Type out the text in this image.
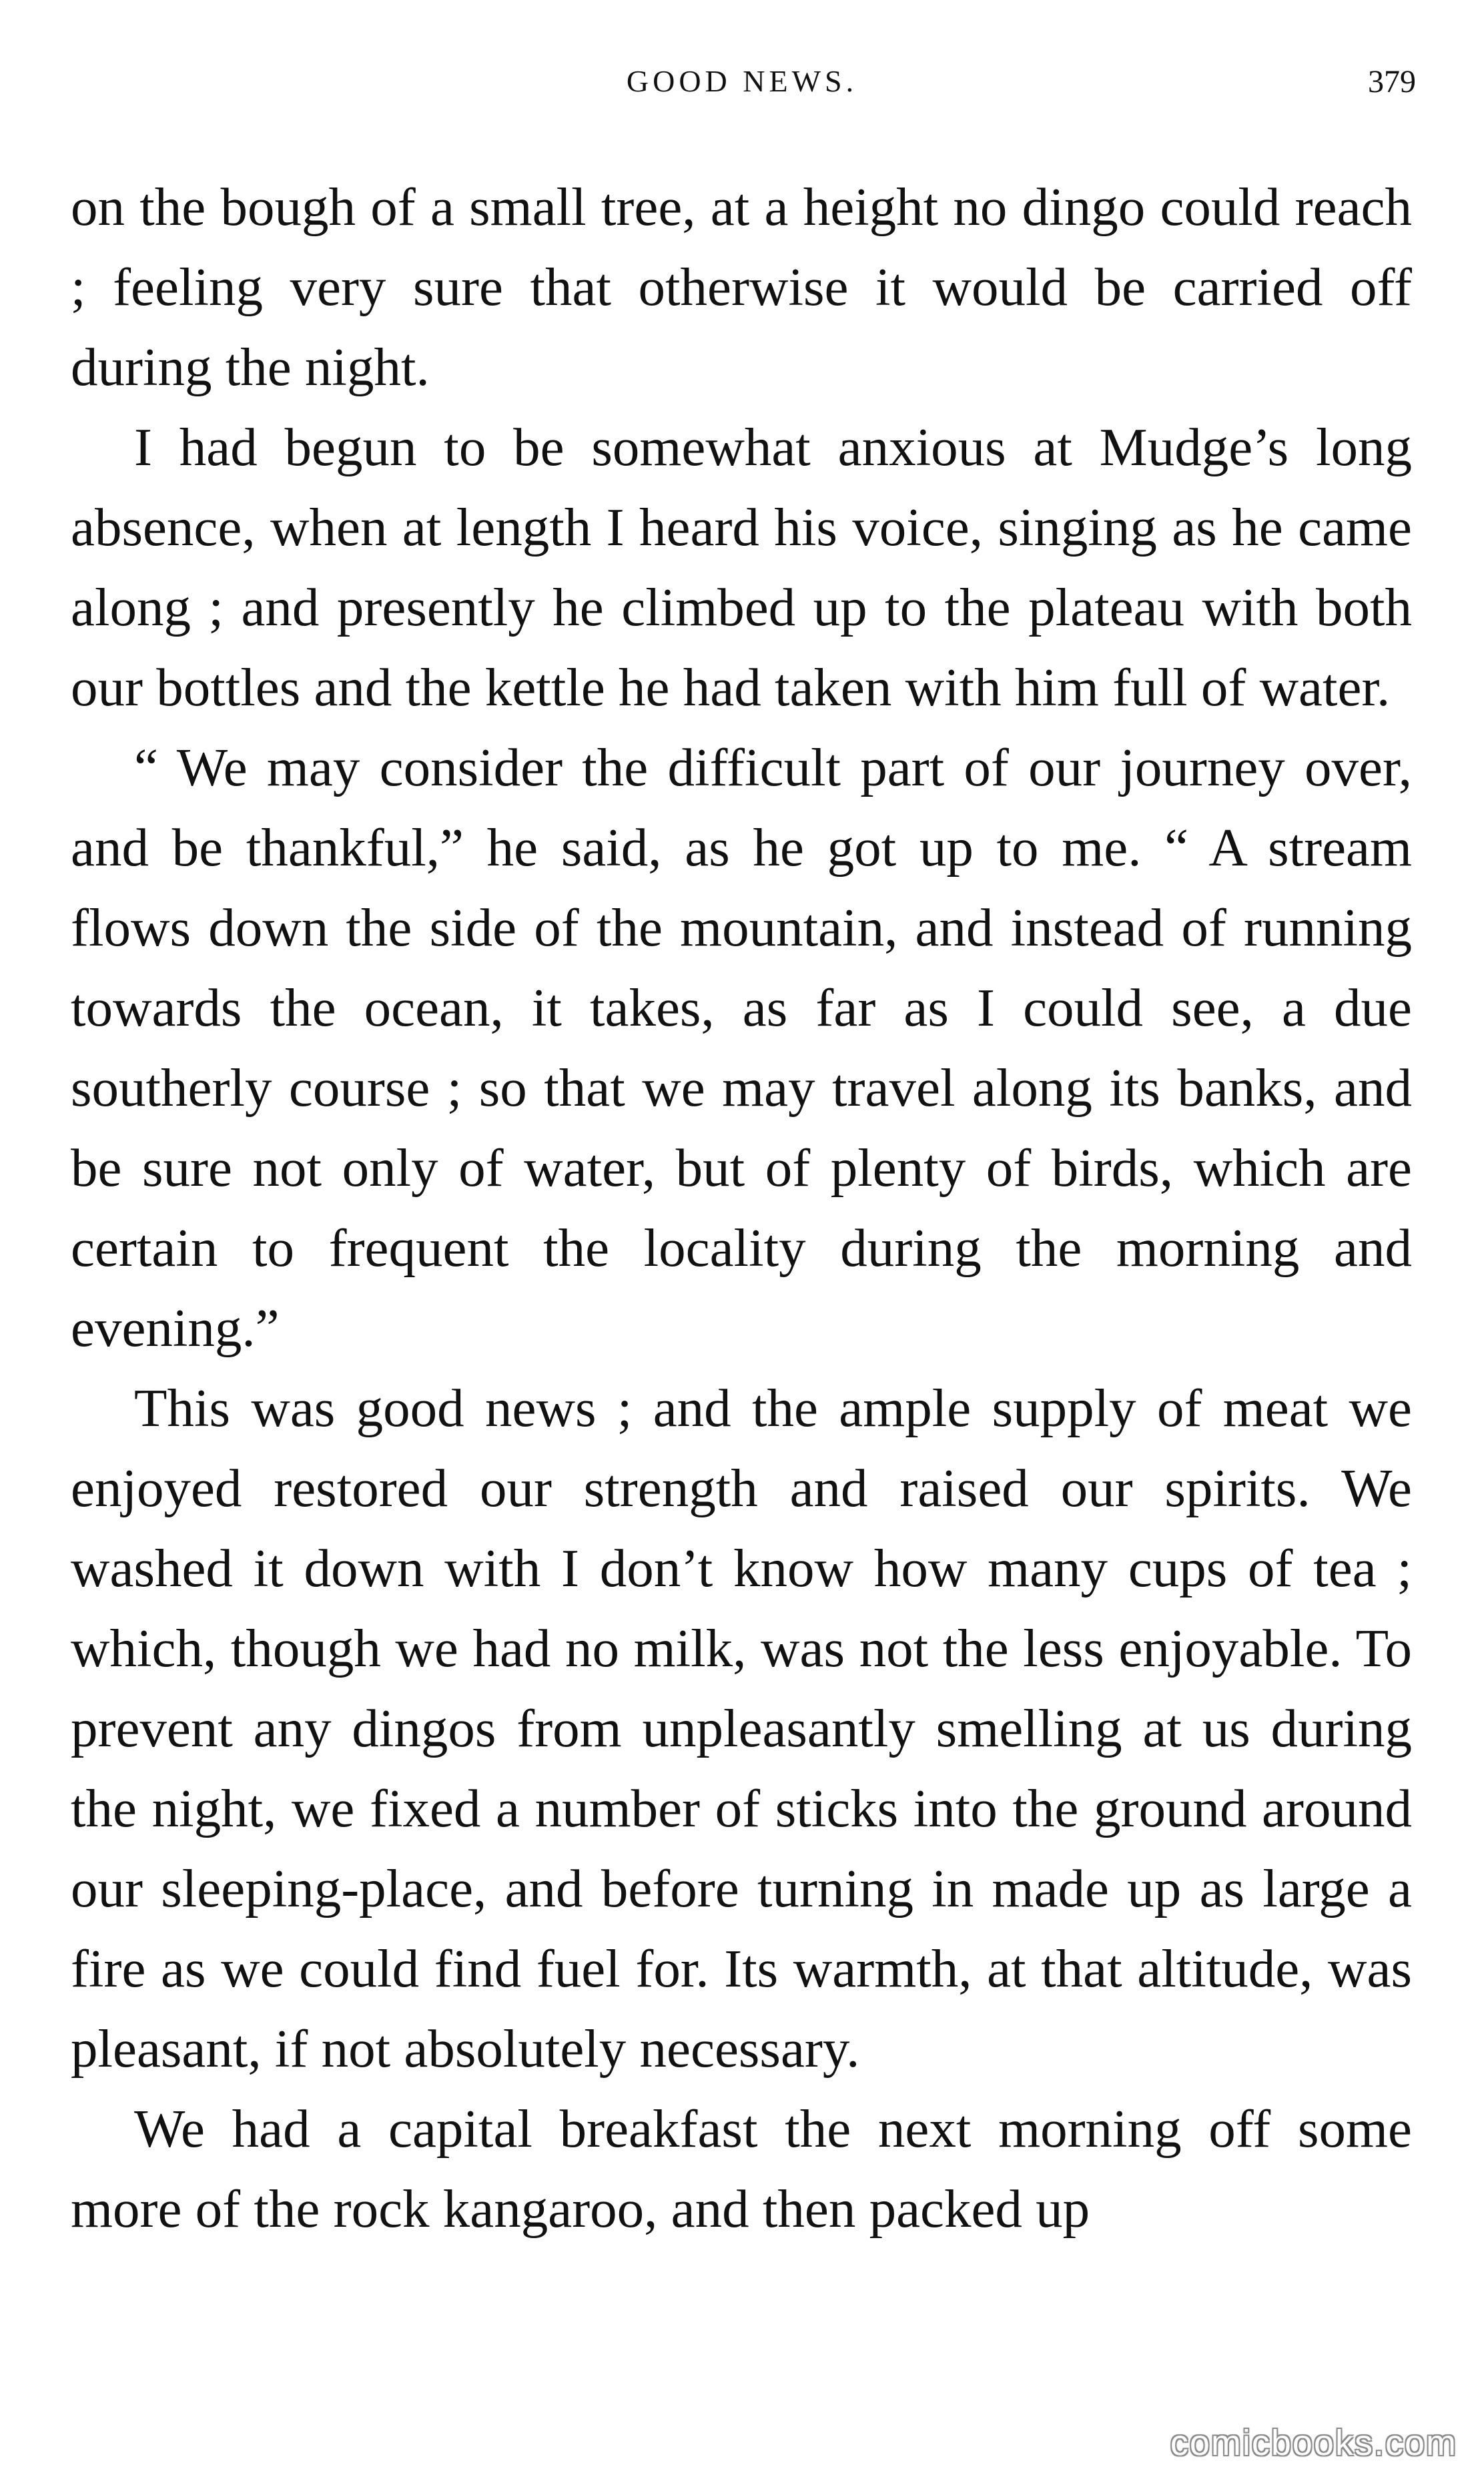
GOOD NEWS.	379

on the bough of a small tree, at a height no dingo could reach ; feeling very sure that otherwise it would be carried off during the night.

I had begun to be somewhat anxious at Mudge’s long absence, when at length I heard his voice, singing as he came along ; and presently he climbed up to the plateau with both our bottles and the kettle he had taken with him full of water.

“ We may consider the difficult part of our journey over, and be thankful,” he said, as he got up to me. “ A stream flows down the side of the mountain, and instead of running towards the ocean, it takes, as far as I could see, a due southerly course ; so that we may travel along its banks, and be sure not only of water, but of plenty of birds, which are certain to frequent the locality during the morning and evening.”

This was good news ; and the ample supply of meat we enjoyed restored our strength and raised our spirits. We washed it down with I don’t know how many cups of tea ; which, though we had no milk, was not the less enjoyable. To prevent any dingos from unpleasantly smelling at us during the night, we fixed a number of sticks into the ground around our sleeping-place, and before turning in made up as large a fire as we could find fuel for. Its warmth, at that altitude, was pleasant, if not absolutely necessary.

We had a capital breakfast the next morning off some more of the rock kangaroo, and then packed up

comicbooks.com
